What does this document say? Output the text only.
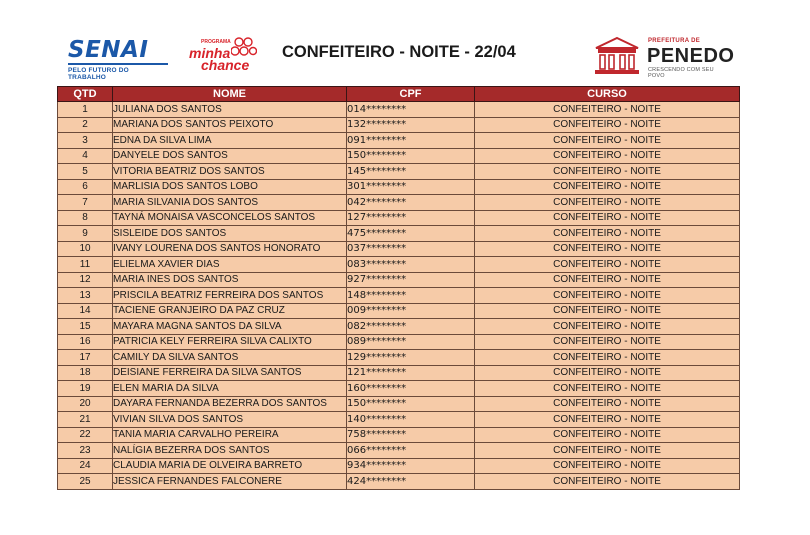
SENAI
PELO FUTURO DO TRABALHO
PROGRAMA
minha
chance
CONFEITEIRO - NOITE - 22/04
PREFEITURA DE
PENEDO
CRESCENDO COM SEU POVO
QTD	NOME	CPF	CURSO
1	JULIANA DOS SANTOS	014********	CONFEITEIRO - NOITE
2	MARIANA DOS SANTOS PEIXOTO	132********	CONFEITEIRO - NOITE
3	EDNA DA SILVA LIMA	091********	CONFEITEIRO - NOITE
4	DANYELE DOS SANTOS	150********	CONFEITEIRO - NOITE
5	VITORIA BEATRIZ DOS SANTOS	145********	CONFEITEIRO - NOITE
6	MARLISIA DOS SANTOS LOBO	301********	CONFEITEIRO - NOITE
7	MARIA SILVANIA DOS SANTOS	042********	CONFEITEIRO - NOITE
8	TAYNÁ MONAISA VASCONCELOS SANTOS	127********	CONFEITEIRO - NOITE
9	SISLEIDE DOS SANTOS	475********	CONFEITEIRO - NOITE
10	IVANY LOURENA DOS SANTOS HONORATO	037********	CONFEITEIRO - NOITE
11	ELIELMA XAVIER DIAS	083********	CONFEITEIRO - NOITE
12	MARIA INES DOS SANTOS	927********	CONFEITEIRO - NOITE
13	PRISCILA BEATRIZ FERREIRA DOS SANTOS	148********	CONFEITEIRO - NOITE
14	TACIENE GRANJEIRO DA PAZ CRUZ	009********	CONFEITEIRO - NOITE
15	MAYARA MAGNA SANTOS DA SILVA	082********	CONFEITEIRO - NOITE
16	PATRICIA KELY FERREIRA SILVA CALIXTO	089********	CONFEITEIRO - NOITE
17	CAMILY DA SILVA SANTOS	129********	CONFEITEIRO - NOITE
18	DEISIANE FERREIRA DA SILVA SANTOS	121********	CONFEITEIRO - NOITE
19	ELEN MARIA DA SILVA	160********	CONFEITEIRO - NOITE
20	DAYARA FERNANDA BEZERRA DOS SANTOS	150********	CONFEITEIRO - NOITE
21	VIVIAN SILVA DOS SANTOS	140********	CONFEITEIRO - NOITE
22	TANIA MARIA CARVALHO PEREIRA	758********	CONFEITEIRO - NOITE
23	NALÍGIA BEZERRA DOS SANTOS	066********	CONFEITEIRO - NOITE
24	CLAUDIA MARIA DE OLVEIRA BARRETO	934********	CONFEITEIRO - NOITE
25	JESSICA FERNANDES FALCONERE	424********	CONFEITEIRO - NOITE
